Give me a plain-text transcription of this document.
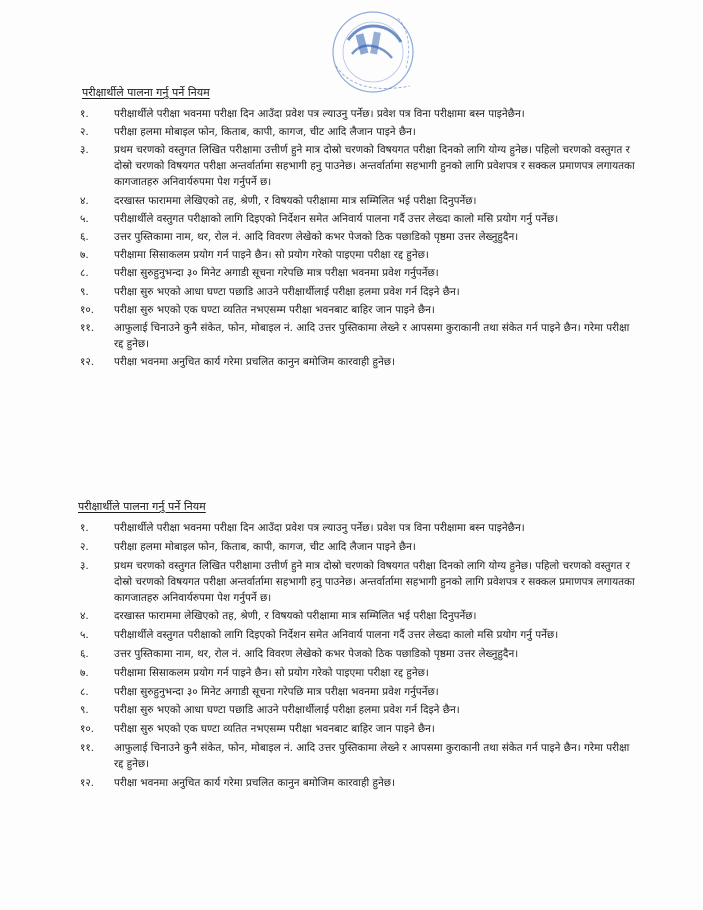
परीक्षार्थीले पालना गर्नु पर्ने नियम
१.	परीक्षार्थीले परीक्षा भवनमा परीक्षा दिन आउँदा प्रवेश पत्र ल्याउनु पर्नेछ। प्रवेश पत्र विना परीक्षामा बस्न पाइनेछैन।
२.	परीक्षा हलमा मोबाइल फोन, किताब, कापी, कागज, चीट आदि लैजान पाइने छैन।
३.	प्रथम चरणको वस्तुगत लिखित परीक्षामा उत्तीर्ण हुने मात्र दोस्रो चरणको विषयगत परीक्षा दिनको लागि योग्य हुनेछ। पहिलो चरणको वस्तुगत र दोस्रो चरणको विषयगत परीक्षा अन्तर्वार्तामा सहभागी हनु पाउनेछ। अन्तर्वार्तामा सहभागी हुनको लागि प्रवेशपत्र र सक्कल प्रमाणपत्र लगायतका कागजातहरु अनिवार्यरुपमा पेश गर्नुपर्ने छ।
४.	दरखास्त फाराममा लेखिएको तह, श्रेणी, र विषयको परीक्षामा मात्र सम्मिलित भई परीक्षा दिनुपर्नेछ।
५.	परीक्षार्थीले वस्तुगत परीक्षाको लागि दिइएको निर्देशन समेत अनिवार्य पालना गर्दै उत्तर लेख्दा कालो मसि प्रयोग गर्नु पर्नेछ।
६.	उत्तर पुस्तिकामा नाम, थर, रोल नं. आदि विवरण लेखेको कभर पेजको ठिक पछाडिको पृष्ठमा उत्तर लेख्नुहुदैन।
७.	परीक्षामा सिसाकलम प्रयोग गर्न पाइने छैन। सो प्रयोग गरेको पाइएमा परीक्षा रद्द हुनेछ।
८.	परीक्षा सुरुहुनुभन्दा ३० मिनेट अगाडी सूचना गरेपछि मात्र परीक्षा भवनमा प्रवेश गर्नुपर्नेछ।
९.	परीक्षा सुरु भएको आधा घण्टा पछाडि आउने परीक्षार्थीलाई परीक्षा हलमा प्रवेश गर्न दिइने छैन।
१०.	परीक्षा सुरु भएको एक घण्टा व्यतित नभएसम्म परीक्षा भवनबाट बाहिर जान पाइने छैन।
११.	आफुलाई चिनाउने कुनै संकेत, फोन, मोबाइल नं. आदि उत्तर पुस्तिकामा लेख्ने र आपसमा कुराकानी तथा संकेत गर्न पाइने छैन। गरेमा परीक्षा रद्द हुनेछ।
१२.	परीक्षा भवनमा अनुचित कार्य गरेमा प्रचलित कानुन बमोजिम कारवाही हुनेछ।
परीक्षार्थीले पालना गर्नु पर्ने नियम
१.	परीक्षार्थीले परीक्षा भवनमा परीक्षा दिन आउँदा प्रवेश पत्र ल्याउनु पर्नेछ। प्रवेश पत्र विना परीक्षामा बस्न पाइनेछैन।
२.	परीक्षा हलमा मोबाइल फोन, किताब, कापी, कागज, चीट आदि लैजान पाइने छैन।
३.	प्रथम चरणको वस्तुगत लिखित परीक्षामा उत्तीर्ण हुने मात्र दोस्रो चरणको विषयगत परीक्षा दिनको लागि योग्य हुनेछ। पहिलो चरणको वस्तुगत र दोस्रो चरणको विषयगत परीक्षा अन्तर्वार्तामा सहभागी हनु पाउनेछ। अन्तर्वार्तामा सहभागी हुनको लागि प्रवेशपत्र र सक्कल प्रमाणपत्र लगायतका कागजातहरु अनिवार्यरुपमा पेश गर्नुपर्ने छ।
४.	दरखास्त फाराममा लेखिएको तह, श्रेणी, र विषयको परीक्षामा मात्र सम्मिलित भई परीक्षा दिनुपर्नेछ।
५.	परीक्षार्थीले वस्तुगत परीक्षाको लागि दिइएको निर्देशन समेत अनिवार्य पालना गर्दै उत्तर लेख्दा कालो मसि प्रयोग गर्नु पर्नेछ।
६.	उत्तर पुस्तिकामा नाम, थर, रोल नं. आदि विवरण लेखेको कभर पेजको ठिक पछाडिको पृष्ठमा उत्तर लेख्नुहुदैन।
७.	परीक्षामा सिसाकलम प्रयोग गर्न पाइने छैन। सो प्रयोग गरेको पाइएमा परीक्षा रद्द हुनेछ।
८.	परीक्षा सुरुहुनुभन्दा ३० मिनेट अगाडी सूचना गरेपछि मात्र परीक्षा भवनमा प्रवेश गर्नुपर्नेछ।
९.	परीक्षा सुरु भएको आधा घण्टा पछाडि आउने परीक्षार्थीलाई परीक्षा हलमा प्रवेश गर्न दिइने छैन।
१०.	परीक्षा सुरु भएको एक घण्टा व्यतित नभएसम्म परीक्षा भवनबाट बाहिर जान पाइने छैन।
११.	आफुलाई चिनाउने कुनै संकेत, फोन, मोबाइल नं. आदि उत्तर पुस्तिकामा लेख्ने र आपसमा कुराकानी तथा संकेत गर्न पाइने छैन। गरेमा परीक्षा रद्द हुनेछ।
१२.	परीक्षा भवनमा अनुचित कार्य गरेमा प्रचलित कानुन बमोजिम कारवाही हुनेछ।
